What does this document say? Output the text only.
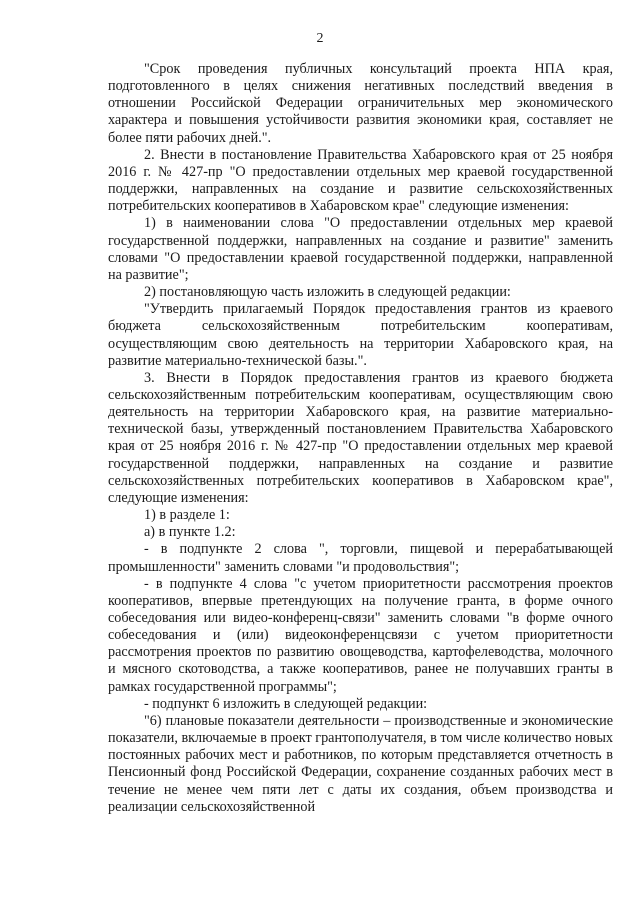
2

"Срок проведения публичных консультаций проекта НПА края, подготовленного в целях снижения негативных последствий введения в отношении Российской Федерации ограничительных мер экономического характера и повышения устойчивости развития экономики края, составляет не более пяти рабочих дней.".

2. Внести в постановление Правительства Хабаровского края от 25 ноября 2016 г. № 427-пр "О предоставлении отдельных мер краевой государственной поддержки, направленных на создание и развитие сельскохозяйственных потребительских кооперативов в Хабаровском крае" следующие изменения:

1) в наименовании слова "О предоставлении отдельных мер краевой государственной поддержки, направленных на создание и развитие" заменить словами "О предоставлении краевой государственной поддержки, направленной на развитие";

2) постановляющую часть изложить в следующей редакции:

"Утвердить прилагаемый Порядок предоставления грантов из краевого бюджета сельскохозяйственным потребительским кооперативам, осуществляющим свою деятельность на территории Хабаровского края, на развитие материально-технической базы.".

3. Внести в Порядок предоставления грантов из краевого бюджета сельскохозяйственным потребительским кооперативам, осуществляющим свою деятельность на территории Хабаровского края, на развитие материально-технической базы, утвержденный постановлением Правительства Хабаровского края от 25 ноября 2016 г. № 427-пр "О предоставлении отдельных мер краевой государственной поддержки, направленных на создание и развитие сельскохозяйственных потребительских кооперативов в Хабаровском крае", следующие изменения:

1) в разделе 1:

а) в пункте 1.2:

- в подпункте 2 слова ", торговли, пищевой и перерабатывающей промышленности" заменить словами "и продовольствия";

- в подпункте 4 слова "с учетом приоритетности рассмотрения проектов кооперативов, впервые претендующих на получение гранта, в форме очного собеседования или видео-конференц-связи" заменить словами "в форме очного собеседования и (или) видеоконференцсвязи с учетом приоритетности рассмотрения проектов по развитию овощеводства, картофелеводства, молочного и мясного скотоводства, а также кооперативов, ранее не получавших гранты в рамках государственной программы";

- подпункт 6 изложить в следующей редакции:

"6) плановые показатели деятельности – производственные и экономические показатели, включаемые в проект грантополучателя, в том числе количество новых постоянных рабочих мест и работников, по которым представляется отчетность в Пенсионный фонд Российской Федерации, сохранение созданных рабочих мест в течение не менее чем пяти лет с даты их создания, объем производства и реализации сельскохозяйственной
